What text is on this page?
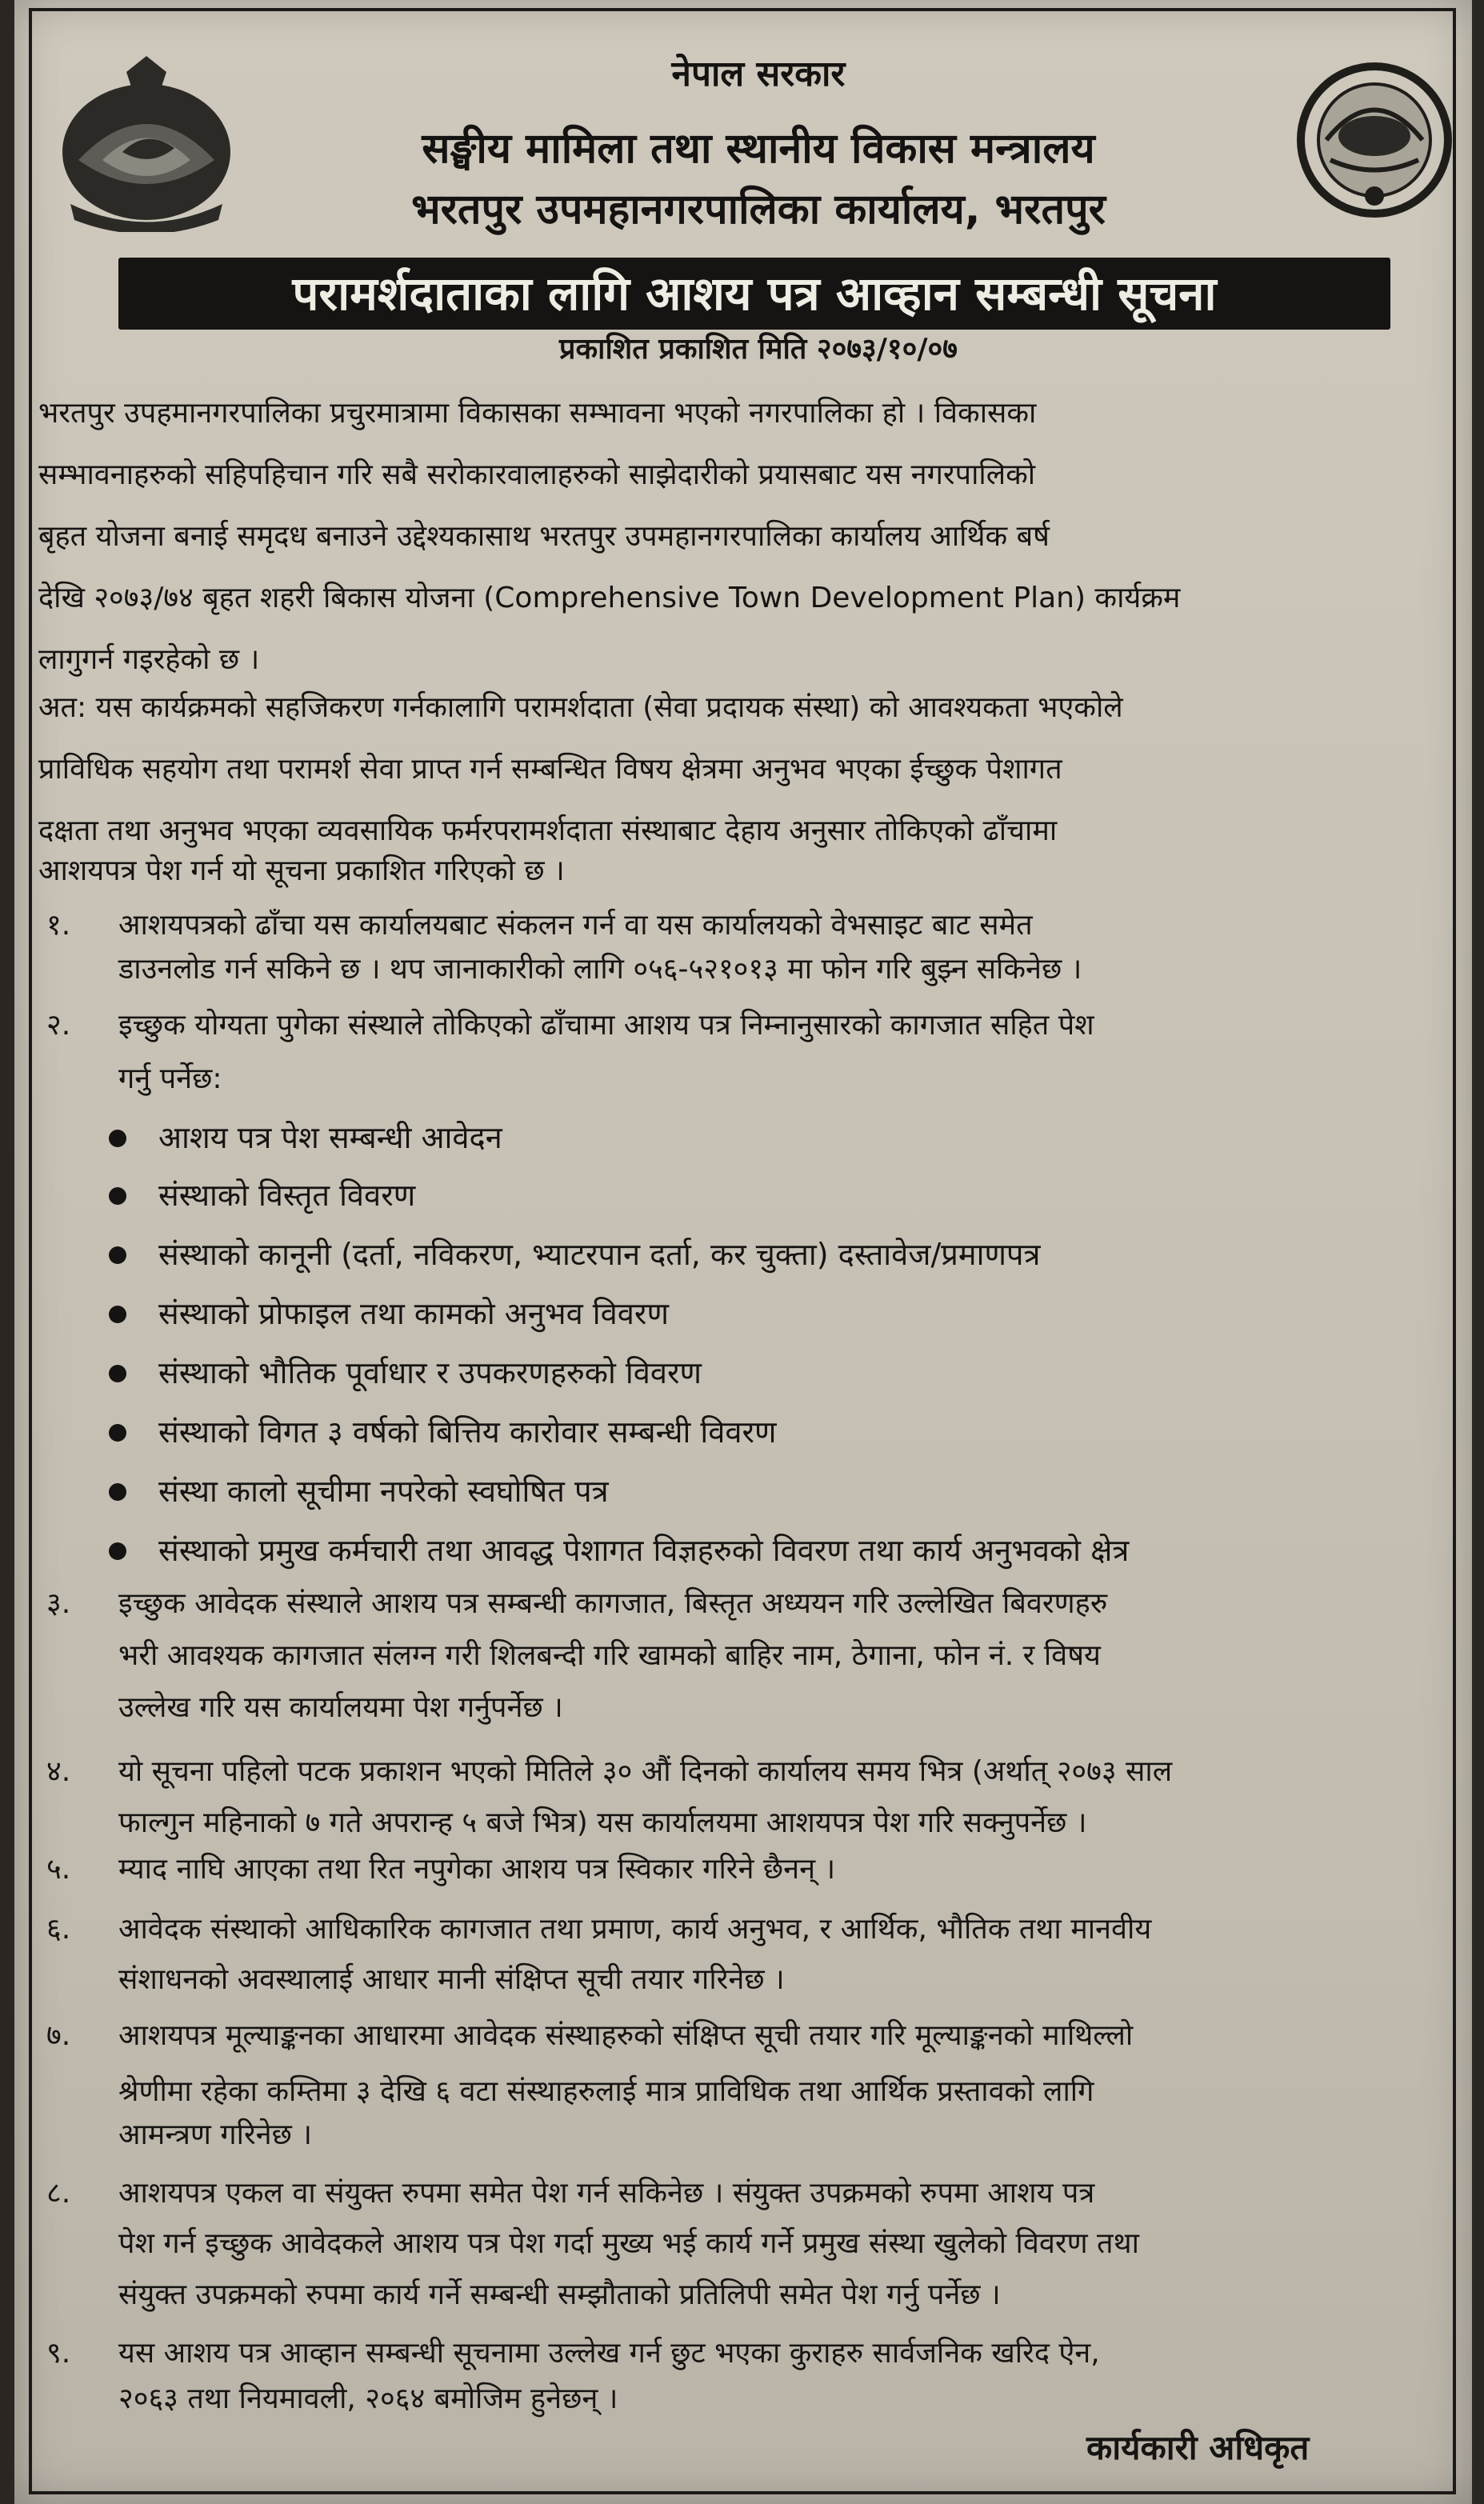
नेपाल सरकार
सङ्घीय मामिला तथा स्थानीय विकास मन्त्रालय
भरतपुर उपमहानगरपालिका कार्यालय, भरतपुर
परामर्शदाताका लागि आशय पत्र आव्हान सम्बन्धी सूचना
प्रकाशित प्रकाशित मिति २०७३/१०/०७
भरतपुर उपहमानगरपालिका प्रचुरमात्रामा विकासका सम्भावना भएको नगरपालिका हो । विकासका
सम्भावनाहरुको सहिपहिचान गरि सबै सरोकारवालाहरुको साझेदारीको प्रयासबाट यस नगरपालिको
बृहत योजना बनाई समृदध बनाउने उद्देश्यकासाथ भरतपुर उपमहानगरपालिका कार्यालय आर्थिक बर्ष
देखि २०७३/७४ बृहत शहरी बिकास योजना (Comprehensive Town Development Plan) कार्यक्रम
लागुगर्न गइरहेको छ ।
अत: यस कार्यक्रमको सहजिकरण गर्नकालागि परामर्शदाता (सेवा प्रदायक संस्था) को आवश्यकता भएकोले
प्राविधिक सहयोग तथा परामर्श सेवा प्राप्त गर्न सम्बन्धित विषय क्षेत्रमा अनुभव भएका ईच्छुक पेशागत
दक्षता तथा अनुभव भएका व्यवसायिक फर्मरपरामर्शदाता संस्थाबाट देहाय अनुसार तोकिएको ढाँचामा
आशयपत्र पेश गर्न यो सूचना प्रकाशित गरिएको छ ।
१.	आशयपत्रको ढाँचा यस कार्यालयबाट संकलन गर्न वा यस कार्यालयको वेभसाइट बाट समेत
डाउनलोड गर्न सकिने छ । थप जानाकारीको लागि ०५६-५२१०१३ मा फोन गरि बुझ्न सकिनेछ ।
२.	इच्छुक योग्यता पुगेका संस्थाले तोकिएको ढाँचामा आशय पत्र निम्नानुसारको कागजात सहित पेश
गर्नु पर्नेछ:
आशय पत्र पेश सम्बन्धी आवेदन
संस्थाको विस्तृत विवरण
संस्थाको कानूनी (दर्ता, नविकरण, भ्याटरपान दर्ता, कर चुक्ता) दस्तावेज/प्रमाणपत्र
संस्थाको प्रोफाइल तथा कामको अनुभव विवरण
संस्थाको भौतिक पूर्वाधार र उपकरणहरुको विवरण
संस्थाको विगत ३ वर्षको बित्तिय कारोवार सम्बन्धी विवरण
संस्था कालो सूचीमा नपरेको स्वघोषित पत्र
संस्थाको प्रमुख कर्मचारी तथा आवद्ध पेशागत विज्ञहरुको विवरण तथा कार्य अनुभवको क्षेत्र
३.	इच्छुक आवेदक संस्थाले आशय पत्र सम्बन्धी कागजात, बिस्तृत अध्ययन गरि उल्लेखित बिवरणहरु
भरी आवश्यक कागजात संलग्न गरी शिलबन्दी गरि खामको बाहिर नाम, ठेगाना, फोन नं. र विषय
उल्लेख गरि यस कार्यालयमा पेश गर्नुपर्नेछ ।
४.	यो सूचना पहिलो पटक प्रकाशन भएको मितिले ३० औं दिनको कार्यालय समय भित्र (अर्थात् २०७३ साल
फाल्गुन महिनाको ७ गते अपरान्ह ५ बजे भित्र) यस कार्यालयमा आशयपत्र पेश गरि सक्नुपर्नेछ ।
५.	म्याद नाघि आएका तथा रित नपुगेका आशय पत्र स्विकार गरिने छैनन् ।
६.	आवेदक संस्थाको आधिकारिक कागजात तथा प्रमाण, कार्य अनुभव, र आर्थिक, भौतिक तथा मानवीय
संशाधनको अवस्थालाई आधार मानी संक्षिप्त सूची तयार गरिनेछ ।
७.	आशयपत्र मूल्याङ्कनका आधारमा आवेदक संस्थाहरुको संक्षिप्त सूची तयार गरि मूल्याङ्कनको माथिल्लो
श्रेणीमा रहेका कम्तिमा ३ देखि ६ वटा संस्थाहरुलाई मात्र प्राविधिक तथा आर्थिक प्रस्तावको लागि
आमन्त्रण गरिनेछ ।
८.	आशयपत्र एकल वा संयुक्त रुपमा समेत पेश गर्न सकिनेछ । संयुक्त उपक्रमको रुपमा आशय पत्र
पेश गर्न इच्छुक आवेदकले आशय पत्र पेश गर्दा मुख्य भई कार्य गर्ने प्रमुख संस्था खुलेको विवरण तथा
संयुक्त उपक्रमको रुपमा कार्य गर्ने सम्बन्धी सम्झौताको प्रतिलिपी समेत पेश गर्नु पर्नेछ ।
९.	यस आशय पत्र आव्हान सम्बन्धी सूचनामा उल्लेख गर्न छुट भएका कुराहरु सार्वजनिक खरिद ऐन,
२०६३ तथा नियमावली, २०६४ बमोजिम हुनेछन् ।
कार्यकारी अधिकृत
